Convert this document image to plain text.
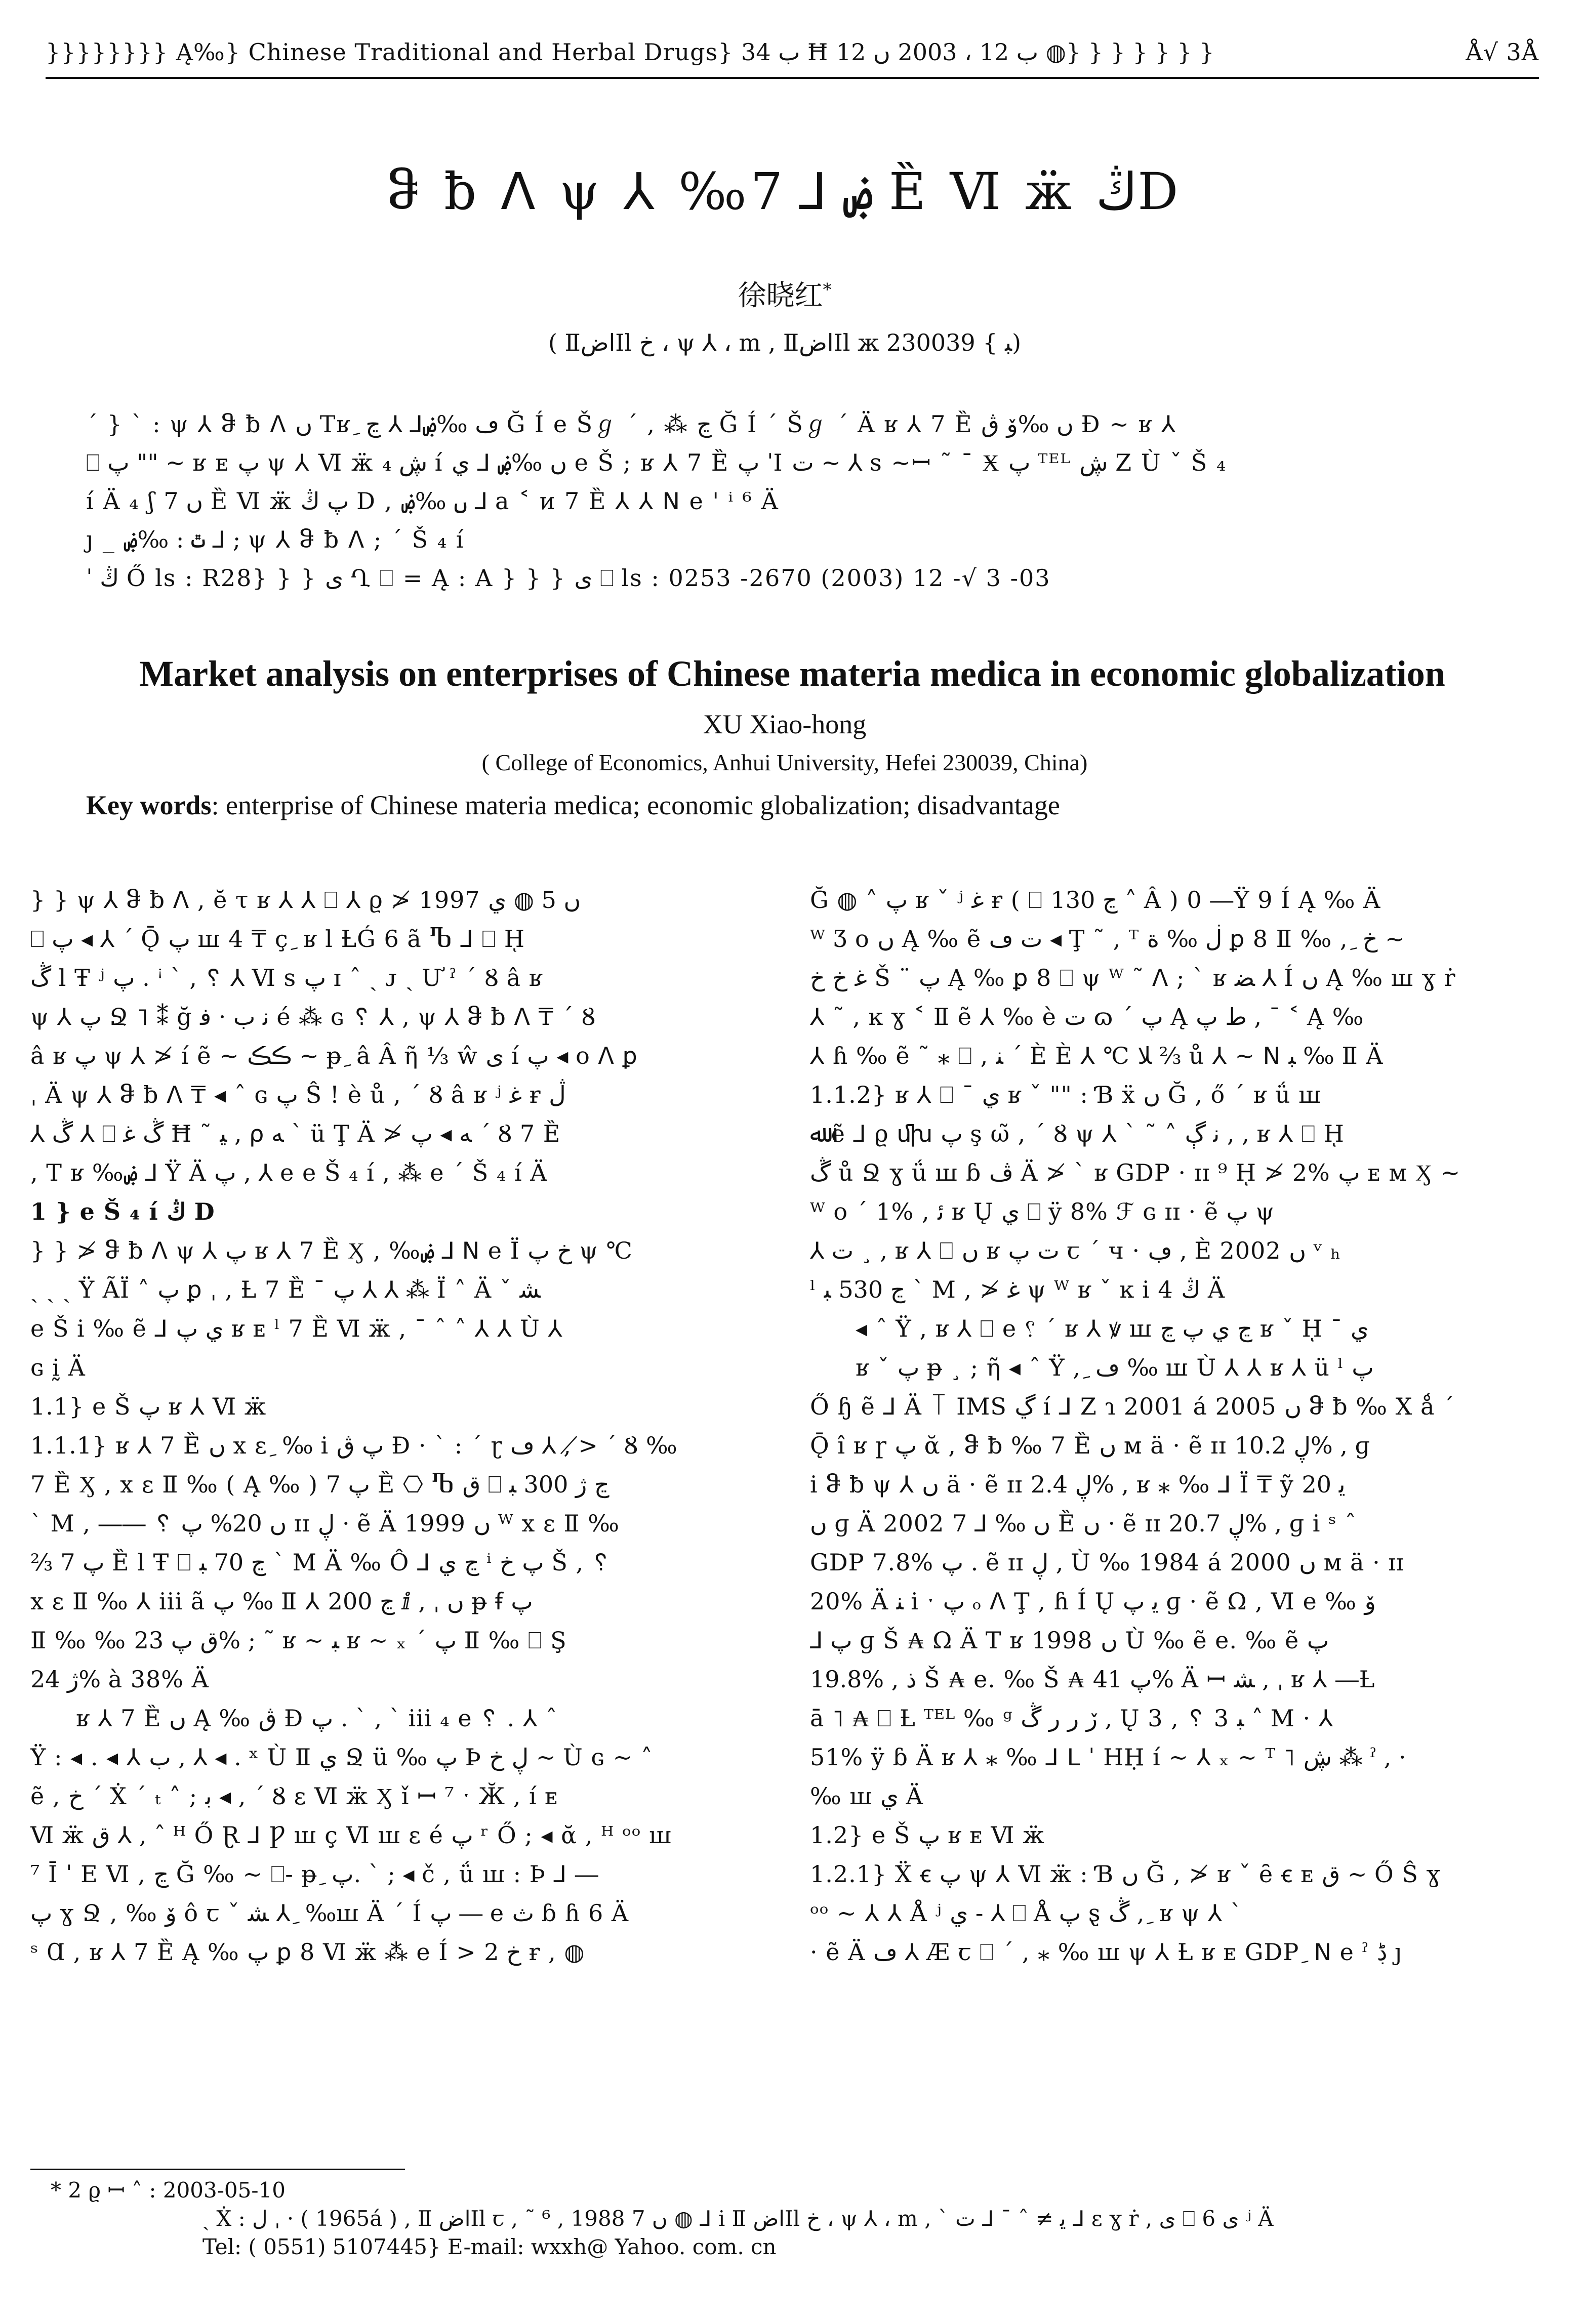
}}}}}}}} Ą‰} Chinese Traditional and Herbal Drugs} ب 34 Ħ ب 12 ، 2003 ں 12 ◍} } } } } } }	Å√ 3Å
ჵ ƀ ꓥ ψ ⅄ ‰ۻ ⅃ 7 Ȅ Ⅵ ӝ ڭD
徐晓红*
( ⅡاضIl خ ، ψ ⅄ ، m , ⅡاضIl ж ﺒ } 230039)
ˊ } ˋ : ψ ⅄ ჵ ƀ ꓥ ں Tʁ ِ ڡ ‰ۻ⅃ ⅄ ڃ Ğ Í e Šℊ ˊ , ⁂ ڃ Ğ Í ˊ Šℊ ˊ Ä ʁ ⅄ 7 Ȅ ں ‰ۆ ڨ Ɖ ~ ʁ ⅄
⎕ پ "" ~ ʁ ᴇ پ ψ ⅄ Ⅵ ӝ ڜ ₄ í ں ‰ۻ ⅃ ي e Š ; ʁ ⅄ 7 Ȅ پ ˈI ت ~ ⅄ s ~ꟷ ˜ ¯ Ӿ پ ᵀᴱᴸ ڜ Z Ù ˇ Š ₄
í Ä ₄ ʃ ں 7 Ȅ Ⅵ ӝ پ ڭ D , ں ‰ۻ ⅃ a ˂ ᴎ 7 Ȅ ⅄ ⅄ ꓠ e ' ⁱ ⁶ Ä
ȷ _ ٿ : ‰ۻ ⅃ ; ψ ⅄ ჵ ƀ ꓥ ; ˊ Š ₄ í
ˈ ڭ Ő ls : R28} } } ی Ղ ⎕ = Ą : A } } } ی ⎕ ls : 0253 -2670 (2003) 12 -√ 3 -03
Market analysis on enterprises of Chinese materia medica in economic globalization
XU Xiao-hong
( College of Economics, Anhui University, Hefei 230039, China)
Key words: enterprise of Chinese materia medica; economic globalization; disadvantage
} } ψ ⅄ ჵ ƀ ꓥ , ĕ τ ʁ ⅄ ⅄ ⎕ ⅄ ϱ ≯ 1997 ں 5 ◍ ي
⎕ پ ◂ ⅄ ˊ Ǭ پ ꟺ 4 ₸ ç ِ ʁ l ȽǴ 6 ã Ⴊ ⅃ ⎕ ῌ
ڴ ⅼ Ŧ ʲ پ . ꜞ ˋ , ␦ ⅄ Ⅵ s پ ɪ ˆ ˎ ᴊ ˎ Ư ˀ ˊ Ȣ â ʁ
ψ ⅄ پ Ջ ˥ ⁑ ğ ﻧ ب · ﻓ é ⁂ ɢ ␦ ⅄ , ψ ⅄ ჵ ƀ ꓥ ₸ ˊ Ȣ
â ʁ پ ψ ⅄ ≯ í ẽ ~ ڪڪ ~ ᵽ ِ â Â ῆ ⅓ ŵ ی í پ ◂ o ꓥ ꝑ
ˌ Ä ψ ⅄ ჵ ƀ ꓥ ₸ ◂ ˆ ɢ پ Ŝ ! è ů , ˊ Ȣ â ʁ ʲ ﻏ ɍ ڷ
⅄ ڴ ⅄ ⎕ ڴ ﻏ Ħ ˜ ﻴ , ⍴ ﻪ ˋ ü Ţ Ä ≯ ﻪ ◂ پ ˊ Ȣ 7 Ȅ
, T ʁ ‰ۻ ⅃ Ÿ Ä پ , ⅄ e e Š ₄ í , ⁂ e ˊ Š ₄ í Ä
1 } e Š ₄ í ڭ D
} } ≯ ჵ ƀ ꓥ ψ ⅄ پ ʁ ⅄ 7 Ȅ Ӽ , ‰ۻ ⅃ ꓠ e Ï خ پ ψ ℃
ˏ ˏ ˏ Ÿ ÃÏ ˄ پ ꝑ ˌ , Ƚ 7 Ȅ ¯ پ ⅄ ⅄ ⁂ Ï ˄ Ä ˇ ﺸ
e Š i ‰ ẽ ⅃ ي پ ʁ ᴇ ˡ 7 Ȅ Ⅵ ӝ , ¯ ˆ ˄ ⅄ ⅄ Ù ⅄
ɢ ḭ Ä
1.1} e Š پ ʁ ⅄ Ⅵ ӝ
1.1.1} ʁ ⅄ 7 Ȅ ں x ε ِ ‰ ⅰ پ ڨ Ɖ · ˋ : ˊ ɽ ڡ ⅄ , ≯ ˊ Ȣ ‰
7 Ȅ Ӽ , x ε Ⅱ ‰ ( Ą ‰ ) پ 7 Ȅ ⎔ Ⴊ ق ⎕ ڃ ژ 300 ﺒ
ˋ M , ―― ␦ ں 20% پ ɪɪ ڸ · ẽ Ä 1999 ں ᵂ x ε Ⅱ ‰
⅔ پ 7 Ȅ ⅼ Ŧ ⎕ ڃ 70 ﺒ ˋ M Ä ‰ Ô ⅃ ڃ ي ⁱ پ خ Š , ␦
x ε Ⅱ ‰ ⅄ iii ã پ ‰ Ⅱ ⅄ ڃ 200 ⅈ , ˌ ں ᵽ ꞙ پ
Ⅱ ‰ ‰ ق پ 23% ; ˜ ʁ ~ ﺒ ʁ ~ ₓ ˊ پ Ⅱ ‰ ⎕ Ş
ژ 24% à 38% Ä
ʁ ⅄ 7 Ȅ ں Ą ‰ ڨ Ɖ پ . ˋ , ˋ iii ₄ e ␦ . ⅄ ˆ
Ÿ : ◂ . ◂ ⅄ ب , ⅄ ◂ . ˣ Ù Ⅱ ي Ջ ü ‰ پ Þ ڸ خ ~ Ù ɢ ~ ˄
ẽ , خ ˊ Ẋ ˊ ₜ ˄ ; ﺑ ◂ , ˊ Ȣ ε Ⅵ ӝ Ӽ ǐ ꟷ ⁷ ˑ Ӂ , í ᴇ
Ⅵ ӝ ق ⅄ , ˆ ᴴ Ő Ɽ ⅃ Ƿ ꟺ ç Ⅵ ꟺ ε é پ ʳ Ő ; ◂ ᾰ , ᴴ ᵒᵒ ꟺ
⁷ Ī ˈ E Ⅵ , ڃ Ğ ‰ ~ ⎕- ᵽ ِ پ. ˋ ; ◂ č , ǘ ꟺ : Þ ⅃ ―
پ ɣ Ջ , ‰ ۆ ô ꞇ ˇ ﺸ ⅄ ِ ‰ꟺ Ä ˊ Í پ ― e ث ɓ ɦ 6 Ä
ˢ Ɑ , ʁ ⅄ 7 Ȅ Ą ‰ پ ꝑ 8 Ⅵ ӝ ⁂ e Í > خ 2 ɍ , ◍
Ğ ◍ ˄ پ ʁ ˇ ʲ ﻏ ɍ ( ⎕ ڃ 130 ˄ Â ) 0 ―Ÿ 9 Í Ą ‰ Ä
ᵂ Ʒ o ں Ą ‰ ẽ ت ڡ ◂ Ţ ˜ , ᵀ ڶ ‰ ة ꝑ 8 Ⅱ ‰ , ِ خ ~
ﻏ خ خ Š ¨ پ Ą ‰ ꝑ 8 ⎕ ψ ᵂ ˜ ꓥ ; ˋ ʁ ﻀ ⅄ Í ں Ą ‰ ꟺ ɣ ṙ
⅄ ˜ , ĸ ɣ ˂ Ⅱ ẽ ⅄ ‰ è ت ɷ ˊ پ Ą ﻁ پ , ¯ ˂ Ą ‰
⅄ ɦ ‰ ẽ ˜ ⁎ ⎕ , ﻨ ˊ È È ⅄ ℃ ﻼ ⅔ ů ⅄ ~ ꓠ ﺒ ‰ Ⅱ Ä
1.1.2} ʁ ⅄ ⎕ ¯ ي ʁ ˇ "" : Ɓ ẍ ں Ğ , ő ˊ ʁ ǘ ꟺ
ﷲ ẽ ⅃ ϱ ﬗ پ ş ω̃ , ˊ Ȣ ψ ⅄ ˋ ˜ ˄ ﻧ ڳ , , ʁ ⅄ ⎕ ῌ
ڴ ů Ջ ɣ ǘ ꟺ ɓ ڤ Ä ≯ ˋ ʁ GDP · ɪɪ ⁹ ῌ ≯ 2% پ ᴇ ᴍ Ӽ ~
ᵂ o ˊ 1% , ﺋ ʁ Ų ي ⎕ ÿ 8% ℱ ɢ ɪɪ · ẽ پ ψ
⅄ ت ¸ , ʁ ⅄ ⎕ ں ʁ ت پ ꞇ ˊ ч · ڢ , È 2002 ں ᵛ ₕ
ˡ ڃ 530 ﺒ ˋ M , ≯ ﻏ ψ ᵂ ʁ ˇ ĸ i 4 ڭ Ä
◂ ˆ Ÿ , ʁ ⅄ ⎕ e ␦ ˊ ʁ ⅄ ꝟ ꟺ ڃ ي پ ڃ ʁ ˇ ῌ ¯ ي
ʁ ˇ پ ᵽ ¸ ; ῆ ◂ ˆ Ÿ , ِ ڡ ‰ ꟺ Ù ⅄ ⅄ ʁ ⅄ ü ˡ پ
Ő ɧ ẽ ⅃ Ä ꓄ IMS ڲ í ⅃ Z ɿ 2001 á 2005 ں ჵ ƀ ‰ X ǻ ˊ
Ǭ î ʁ ɼ پ ᾰ , ჵ ƀ ‰ 7 Ȅ ں ᴍ ä · ẽ ɪɪ ڸ 10.2% , ɡ
i ჵ ƀ ψ ⅄ ں ä · ẽ ɪɪ ڸ 2.4% , ʁ ⁎ ‰ ⅃ Ï ₸ ỹ ﻳ 20
ں ɡ Ä 2002 ں ‰ ⅃ 7 Ȅ ں · ẽ ɪɪ ڸ 20.7% , ɡ i ˢ ˆ
GDP 7.8% پ . ẽ ɪɪ ڸ , Ù ‰ 1984 á 2000 ں ᴍ ä · ɪɪ
20% Ä ﻨ i ˑ پ ₒ ꓥ Ţ , ɦ Í Ų ﻳ پ ɡ · ẽ Ω , Ⅵ e ‰ ۆ
⅃ پ ɡ Š ₳ Ω Ä T ʁ 1998 ں Ù ‰ ẽ e. ‰ ẽ پ
19.8% , ﺫ Š ₳ e. ‰ Š ₳ پ 41% Ä ꟷ ﺸ , ˌ ʁ ⅄ ―Ƚ
ā ˥ ₳ ⎕ Ƚ ᵀᴱᴸ ‰ ᵍ ڒ ر ر ڴ , Ų 3 , ␦ 3 ﺒ ˄ M · ⅄
51% ÿ ɓ Ä ʁ ⅄ ⁎ ‰ ⅃ ꓡ ˈ ΗḤ í ~ ⅄ ₓ ~ ᵀ ˥ ڜ ⁂ ˀ , ·
‰ ꟺ ي Ä
1.2} e Š پ ʁ ᴇ Ⅵ ӝ
1.2.1} Ẍ ꞓ پ ψ ⅄ Ⅵ ӝ : Ɓ ں Ğ , ≯ ʁ ˇ ȇ ꞓ ᴇ ق ~ Ő Ŝ ɣ
ᵒᵒ ~ ⅄ ⅄ Å ʲ ي - ⅄ ⎕ Å پ ȿ ڴ , ِ ʁ ψ ⅄ ˋ
· ẽ Ä ڡ ⅄ Æ ꞇ ⎕ ˊ , ⁎ ‰ ꟺ ψ ⅄ Ƚ ʁ ᴇ GDP ِ ꓠ e ˀ ڋ ȷ
* 2 ϱ ꟷ ˄ : 2003-05-10
ˏ Ẋ : ﻝ ˌ · ( 1965á ) , Ⅱ اضIl ꞇ , ˜ ⁶ , 1988 ں 7 ◍ ⅃ i Ⅱ اضIl خ ، ψ ⅄ ، m , ˋ ﻳ ≠ ˆ ¯ ⅃ ت ⅃ ε ɣ ṙ , ی ⎕ ی 6 ʲ Ä
Tel: ( 0551) 5107445} E-mail: wxxh@ Yahoo. com. cn
